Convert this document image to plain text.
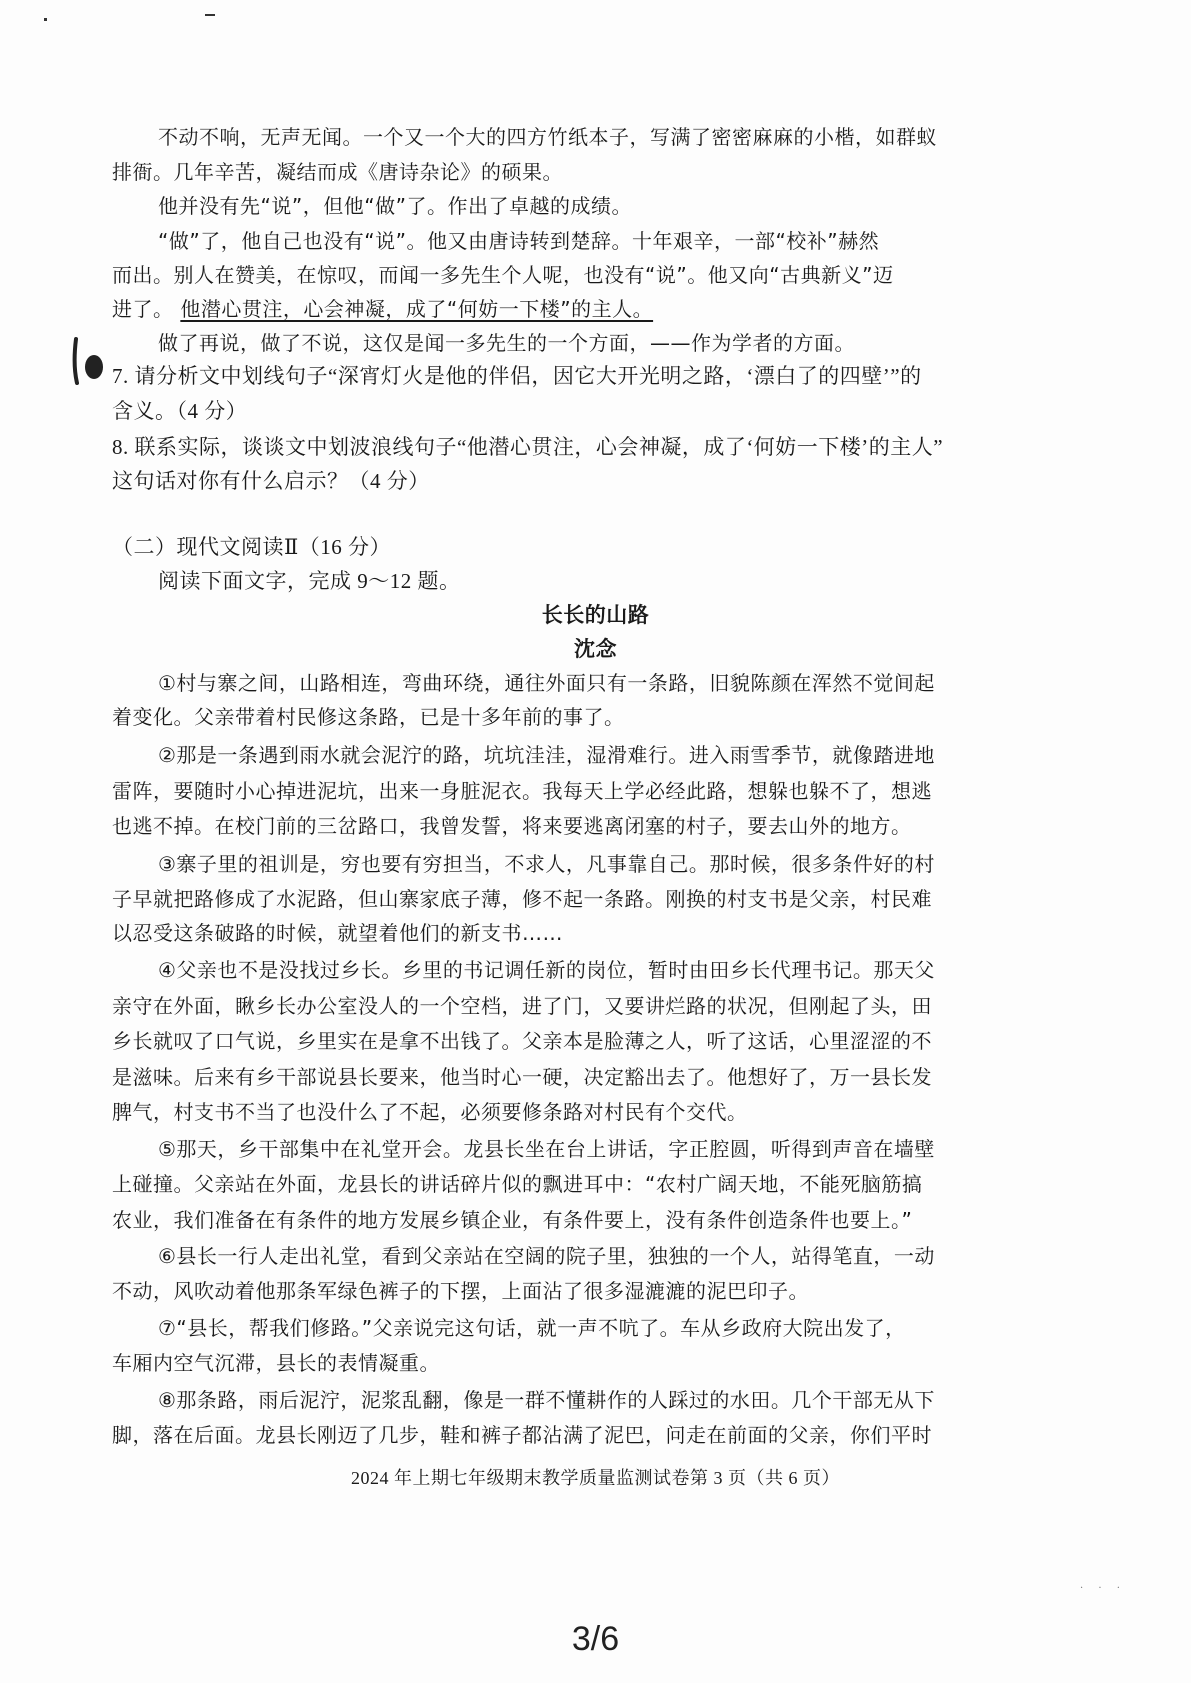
不动不响，无声无闻。一个又一个大的四方竹纸本子，写满了密密麻麻的小楷，如群蚁
排衙。几年辛苦，凝结而成《唐诗杂论》的硕果。
他并没有先“说”，但他“做”了。作出了卓越的成绩。
“做”了，他自己也没有“说”。他又由唐诗转到楚辞。十年艰辛，一部“校补”赫然
而出。别人在赞美，在惊叹，而闻一多先生个人呢，也没有“说”。他又向“古典新义”迈
进了。 他潜心贯注，心会神凝，成了“何妨一下楼”的主人。
做了再说，做了不说，这仅是闻一多先生的一个方面，——作为学者的方面。
7. 请分析文中划线句子“深宵灯火是他的伴侣，因它大开光明之路，‘漂白了的四壁’”的
含义。（4 分）
8. 联系实际，谈谈文中划波浪线句子“他潜心贯注，心会神凝，成了‘何妨一下楼’的主人”
这句话对你有什么启示？（4 分）
（二）现代文阅读Ⅱ（16 分）
阅读下面文字，完成 9～12 题。
长长的山路
沈念
①村与寨之间，山路相连，弯曲环绕，通往外面只有一条路，旧貌陈颜在浑然不觉间起
着变化。父亲带着村民修这条路，已是十多年前的事了。
②那是一条遇到雨水就会泥泞的路，坑坑洼洼，湿滑难行。进入雨雪季节，就像踏进地
雷阵，要随时小心掉进泥坑，出来一身脏泥衣。我每天上学必经此路，想躲也躲不了，想逃
也逃不掉。在校门前的三岔路口，我曾发誓，将来要逃离闭塞的村子，要去山外的地方。
③寨子里的祖训是，穷也要有穷担当，不求人，凡事靠自己。那时候，很多条件好的村
子早就把路修成了水泥路，但山寨家底子薄，修不起一条路。刚换的村支书是父亲，村民难
以忍受这条破路的时候，就望着他们的新支书……
④父亲也不是没找过乡长。乡里的书记调任新的岗位，暂时由田乡长代理书记。那天父
亲守在外面，瞅乡长办公室没人的一个空档，进了门，又要讲烂路的状况，但刚起了头，田
乡长就叹了口气说，乡里实在是拿不出钱了。父亲本是脸薄之人，听了这话，心里涩涩的不
是滋味。后来有乡干部说县长要来，他当时心一硬，决定豁出去了。他想好了，万一县长发
脾气，村支书不当了也没什么了不起，必须要修条路对村民有个交代。
⑤那天，乡干部集中在礼堂开会。龙县长坐在台上讲话，字正腔圆，听得到声音在墙壁
上碰撞。父亲站在外面，龙县长的讲话碎片似的飘进耳中：“农村广阔天地，不能死脑筋搞
农业，我们准备在有条件的地方发展乡镇企业，有条件要上，没有条件创造条件也要上。”
⑥县长一行人走出礼堂，看到父亲站在空阔的院子里，独独的一个人，站得笔直，一动
不动，风吹动着他那条军绿色裤子的下摆，上面沾了很多湿漉漉的泥巴印子。
⑦“县长，帮我们修路。”父亲说完这句话，就一声不吭了。车从乡政府大院出发了，
车厢内空气沉滞，县长的表情凝重。
⑧那条路，雨后泥泞，泥浆乱翻，像是一群不懂耕作的人踩过的水田。几个干部无从下
脚，落在后面。龙县长刚迈了几步，鞋和裤子都沾满了泥巴，问走在前面的父亲，你们平时
2024 年上期七年级期末教学质量监测试卷第 3 页（共 6 页）
. . .
3/6
